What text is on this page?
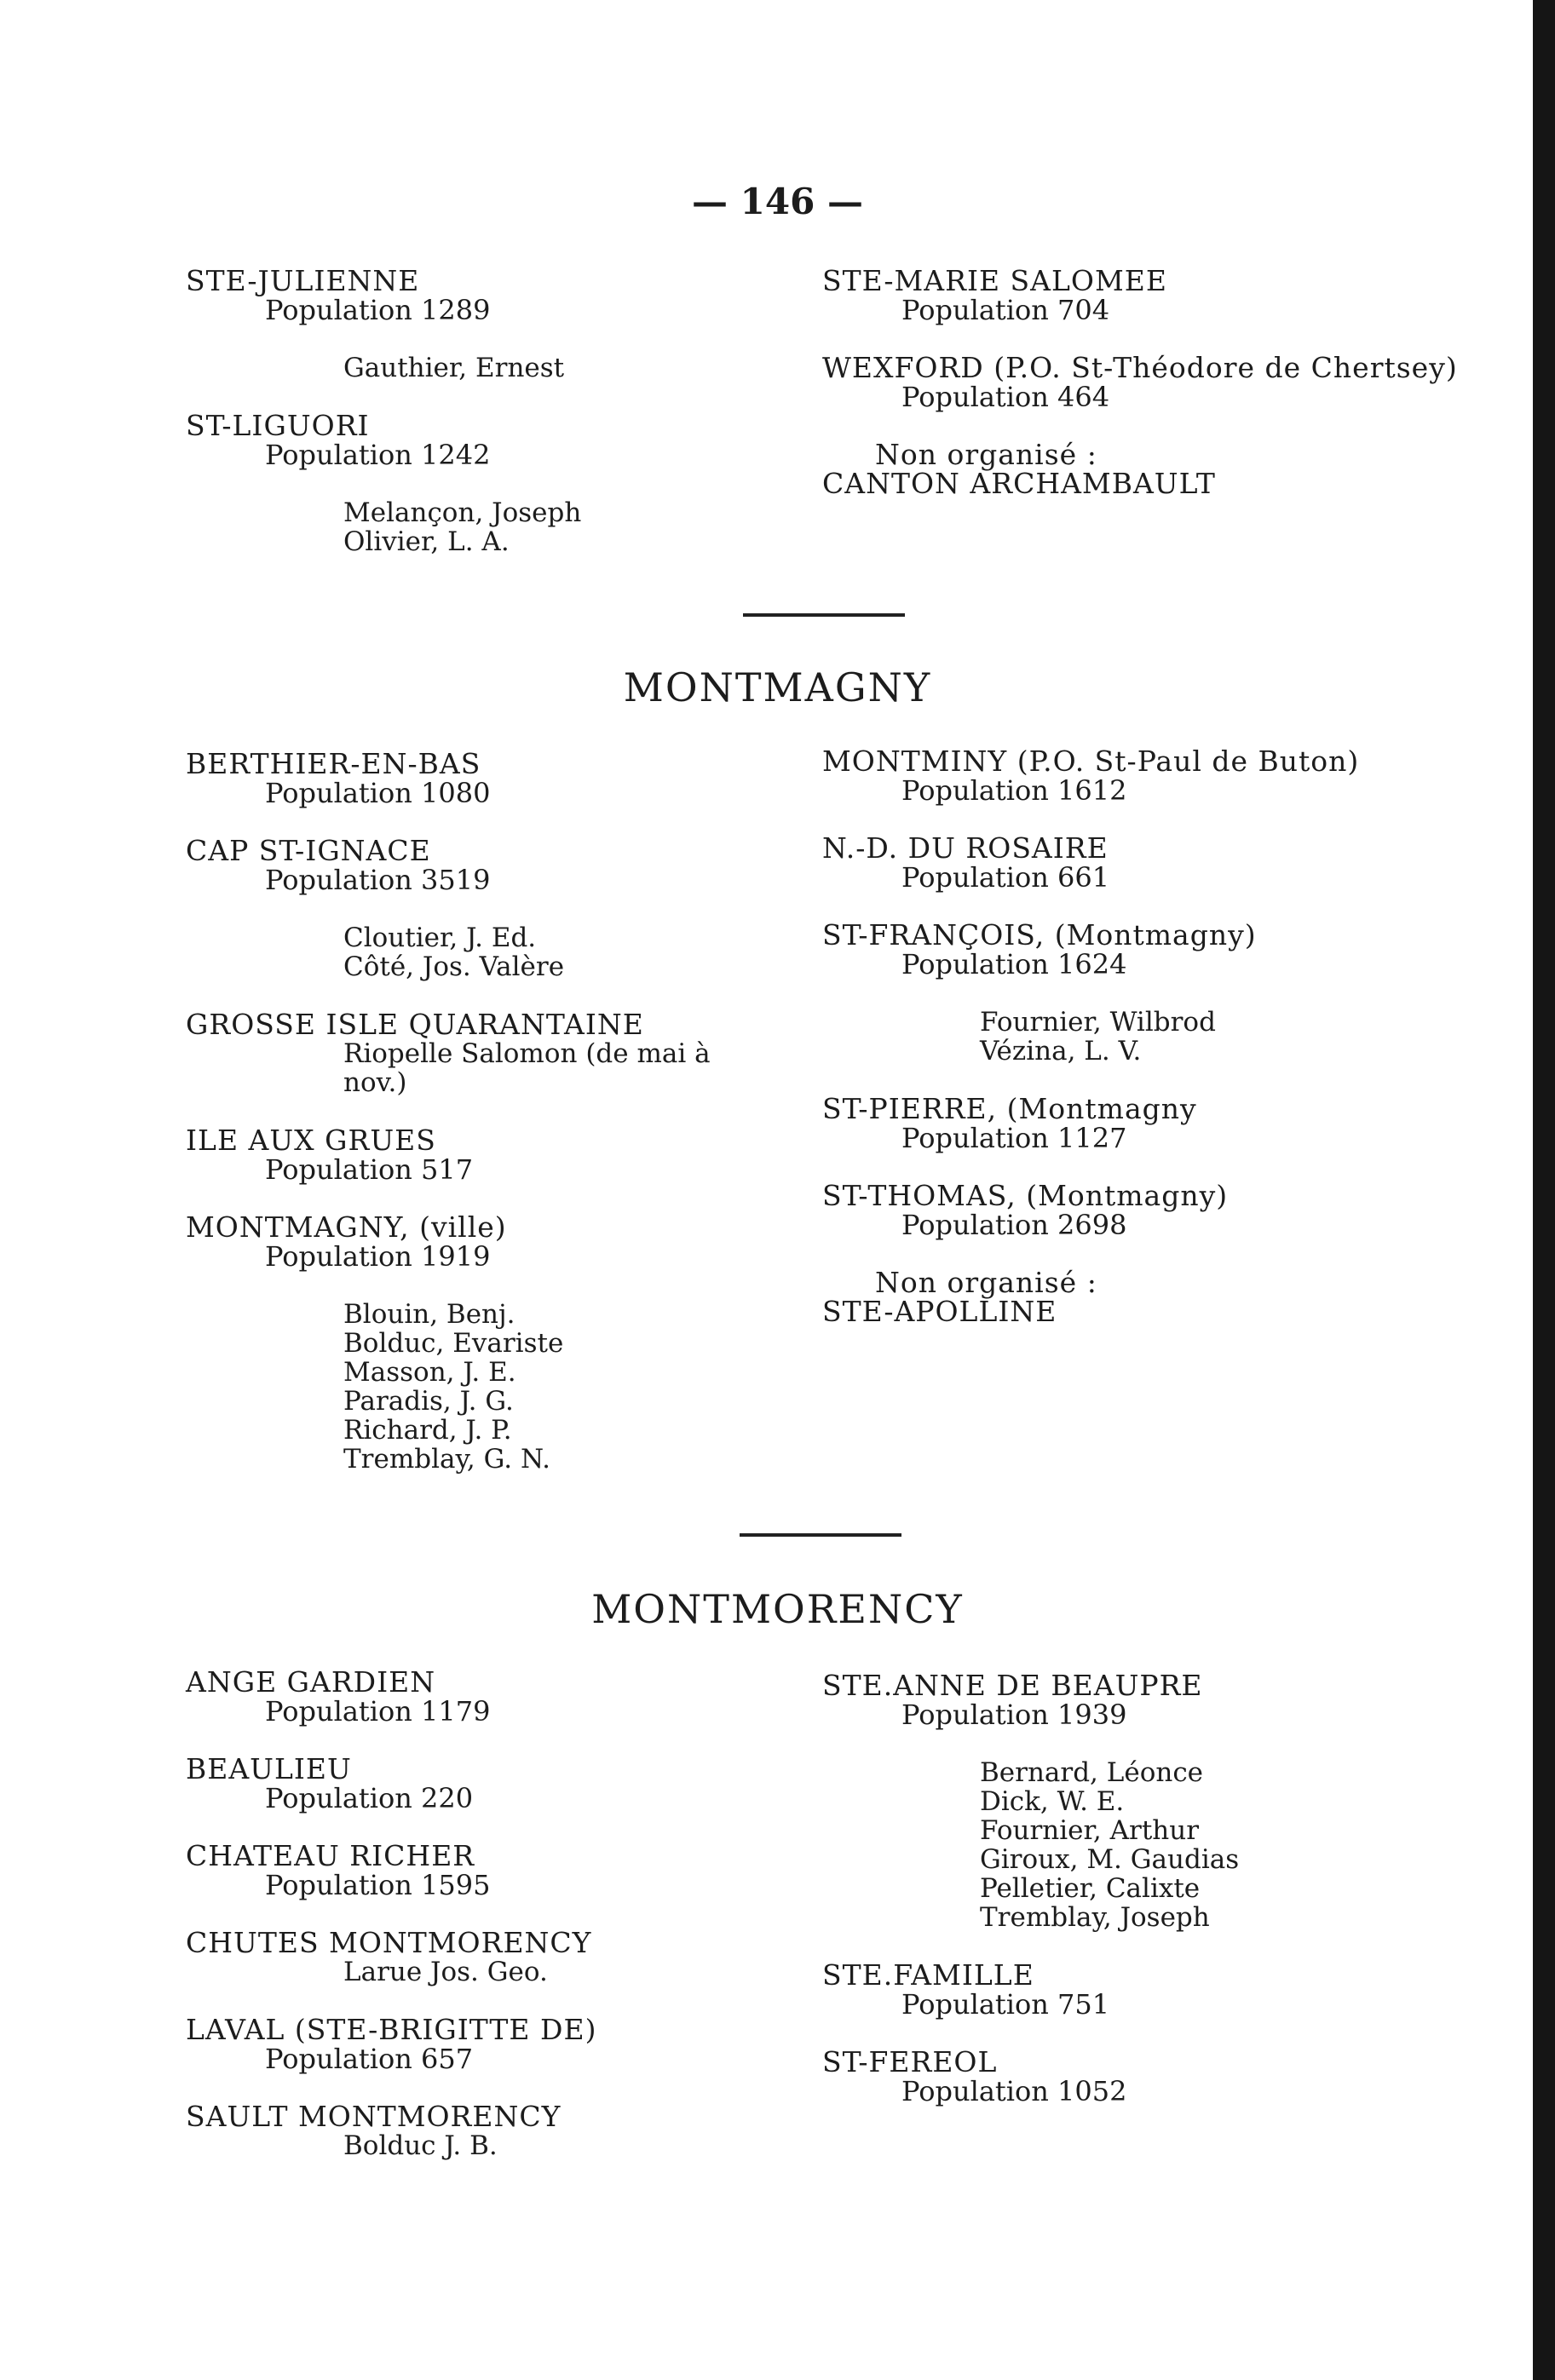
— 146 —
STE-JULIENNE
Population 1289
Gauthier, Ernest
ST-LIGUORI
Population 1242
Melançon, Joseph
Olivier, L. A.
STE-MARIE SALOMEE
Population 704
WEXFORD (P.O. St-Théodore de Chertsey)
Population 464
Non organisé :
CANTON ARCHAMBAULT
MONTMAGNY
BERTHIER-EN-BAS
Population 1080
CAP ST-IGNACE
Population 3519
Cloutier, J. Ed.
Côté, Jos. Valère
GROSSE ISLE QUARANTAINE
Riopelle Salomon (de mai à
nov.)
ILE AUX GRUES
Population 517
MONTMAGNY, (ville)
Population 1919
Blouin, Benj.
Bolduc, Evariste
Masson, J. E.
Paradis, J. G.
Richard, J. P.
Tremblay, G. N.
MONTMINY (P.O. St-Paul de Buton)
Population 1612
N.-D. DU ROSAIRE
Population 661
ST-FRANÇOIS, (Montmagny)
Population 1624
Fournier, Wilbrod
Vézina, L. V.
ST-PIERRE, (Montmagny
Population 1127
ST-THOMAS, (Montmagny)
Population 2698
Non organisé :
STE-APOLLINE
MONTMORENCY
ANGE GARDIEN
Population 1179
BEAULIEU
Population 220
CHATEAU RICHER
Population 1595
CHUTES MONTMORENCY
Larue Jos. Geo.
LAVAL (STE-BRIGITTE DE)
Population 657
SAULT MONTMORENCY
Bolduc J. B.
STE.ANNE DE BEAUPRE
Population 1939
Bernard, Léonce
Dick, W. E.
Fournier, Arthur
Giroux, M. Gaudias
Pelletier, Calixte
Tremblay, Joseph
STE.FAMILLE
Population 751
ST-FEREOL
Population 1052
